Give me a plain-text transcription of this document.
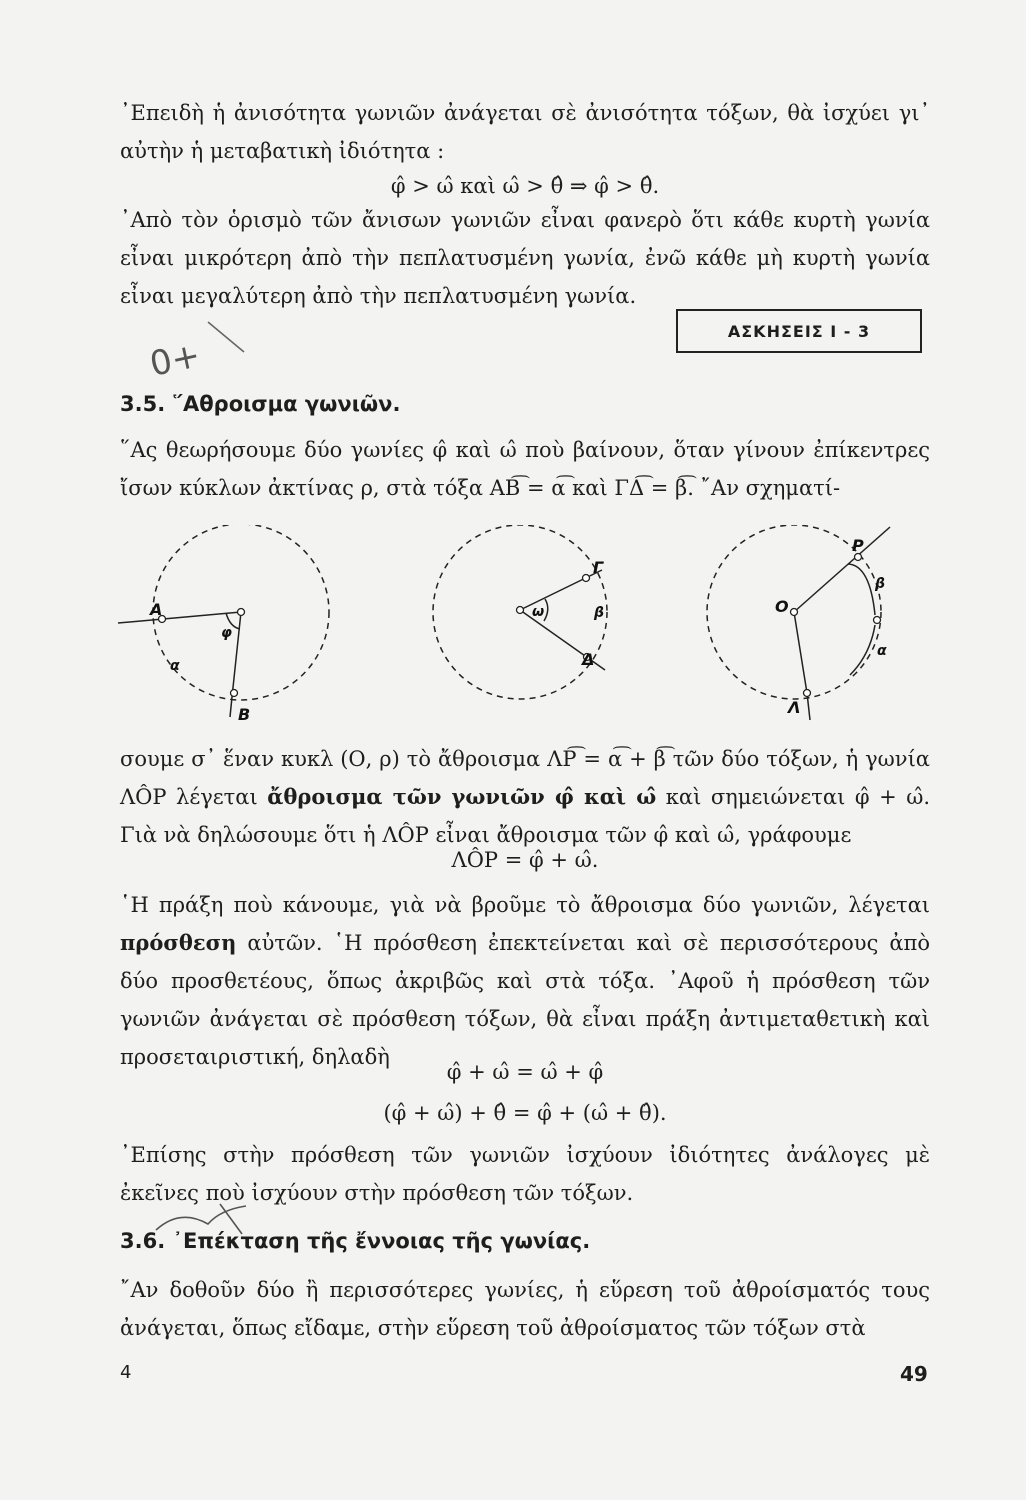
᾿Επειδὴ ἡ ἀνισότητα γωνιῶν ἀνάγεται σὲ ἀνισότητα τόξων, θὰ ἰσχύει γι᾿ αὐτὴν ἡ μεταβατικὴ ἰδιότητα :

φ̂ > ω̂ καὶ ω̂ > θ̂ ⇒ φ̂ > θ̂.

᾿Απὸ τὸν ὁρισμὸ τῶν ἄνισων γωνιῶν εἶναι φανερὸ ὅτι κάθε κυρτὴ γωνία εἶναι μικρότερη ἀπὸ τὴν πεπλατυσμένη γωνία, ἐνῶ κάθε μὴ κυρτὴ γωνία εἶναι μεγαλύτερη ἀπὸ τὴν πεπλατυσμένη γωνία.

ΑΣΚΗΣΕΙΣ Ι - 3
0+

3.5. ῞Αθροισμα γωνιῶν.

῞Ας θεωρήσουμε δύο γωνίες φ̂ καὶ ω̂ ποὺ βαίνουν, ὅταν γίνουν ἐπίκεντρες ἴσων κύκλων ἀκτίνας ρ, στὰ τόξα ΑΒ͡ = α͡ καὶ ΓΔ͡ = β͡. ῎Αν σχηματί-

Α
Β
φ
α
Γ
Δ
ω	β
Ρ
Ο
Λ
β
α

σουμε σ᾿ ἕναν κυκλ (Ο, ρ) τὸ ἄθροισμα ΛΡ͡ = α͡ + β͡ τῶν δύο τόξων, ἡ γωνία ΛÔΡ λέγεται ἄθροισμα τῶν γωνιῶν φ̂ καὶ ω̂ καὶ σημειώνεται φ̂ + ω̂. Γιὰ νὰ δηλώσουμε ὅτι ἡ ΛÔΡ εἶναι ἄθροισμα τῶν φ̂ καὶ ω̂, γράφουμε

ΛÔΡ = φ̂ + ω̂.

῾Η πράξη ποὺ κάνουμε, γιὰ νὰ βροῦμε τὸ ἄθροισμα δύο γωνιῶν, λέγεται πρόσθεση αὐτῶν. ῾Η πρόσθεση ἐπεκτείνεται καὶ σὲ περισσότερους ἀπὸ δύο προσθετέους, ὅπως ἀκριβῶς καὶ στὰ τόξα. ᾿Αφοῦ ἡ πρόσθεση τῶν γωνιῶν ἀνάγεται σὲ πρόσθεση τόξων, θὰ εἶναι πράξη ἀντιμεταθετικὴ καὶ προσεταιριστική, δηλαδὴ

φ̂ + ω̂ = ω̂ + φ̂

(φ̂ + ω̂) + θ̂ = φ̂ + (ω̂ + θ̂).

᾿Επίσης στὴν πρόσθεση τῶν γωνιῶν ἰσχύουν ἰδιότητες ἀνάλογες μὲ ἐκεῖνες ποὺ ἰσχύουν στὴν πρόσθεση τῶν τόξων.

3.6. ᾿Επέκταση τῆς ἔννοιας τῆς γωνίας.

῎Αν δοθοῦν δύο ἢ περισσότερες γωνίες, ἡ εὕρεση τοῦ ἀθροίσματός τους ἀνάγεται, ὅπως εἴδαμε, στὴν εὕρεση τοῦ ἀθροίσματος τῶν τόξων στὰ

4	49
